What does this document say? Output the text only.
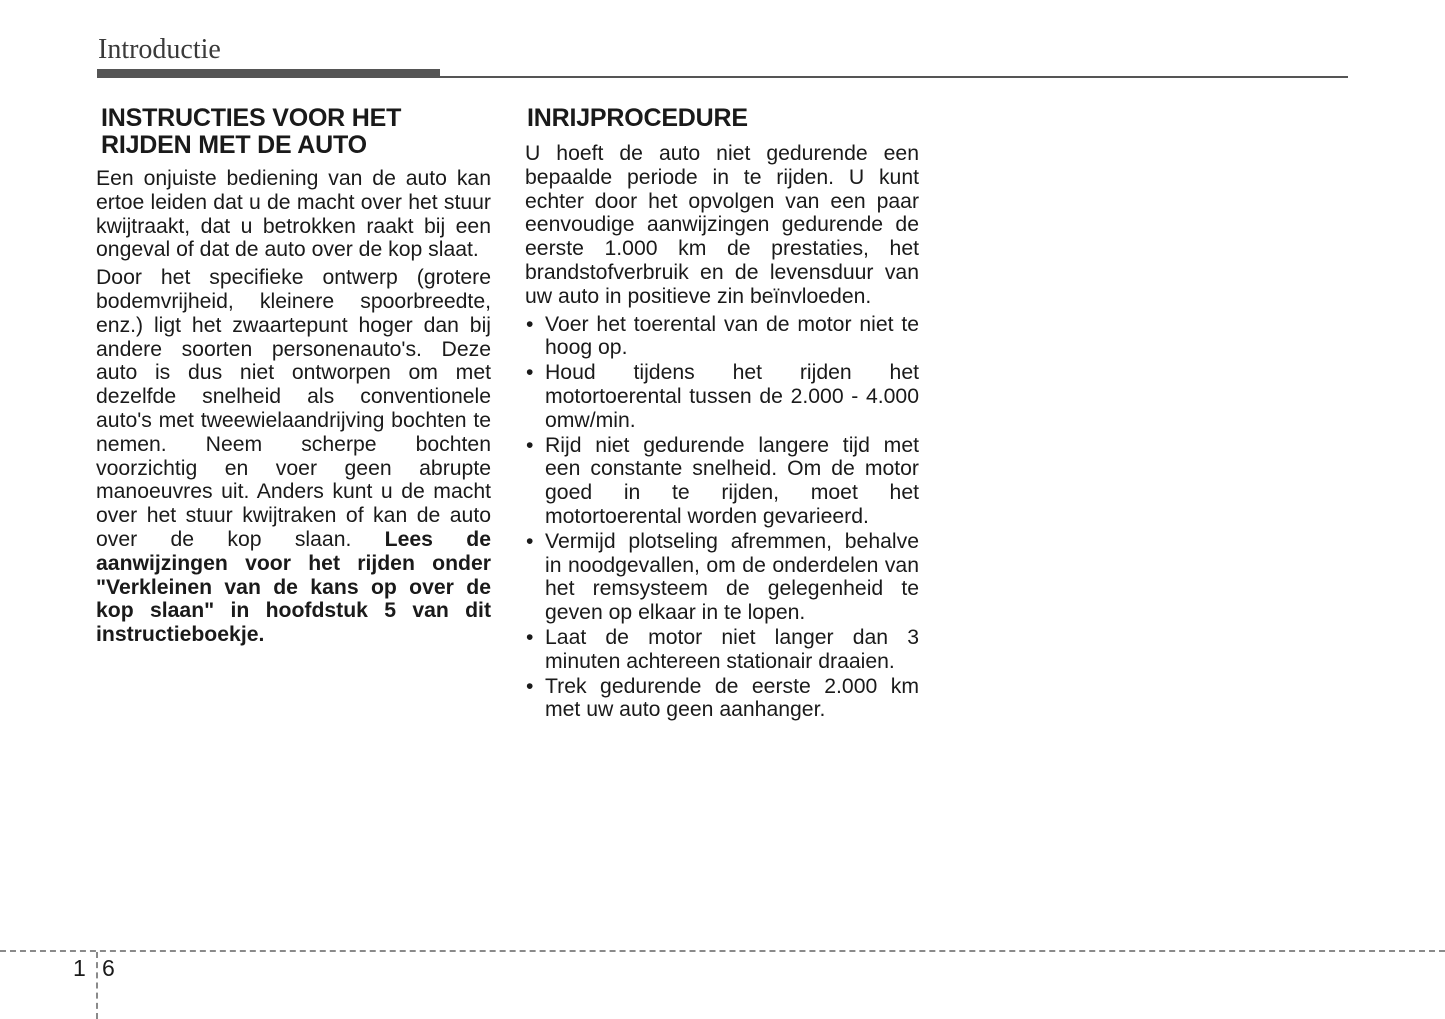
Introductie
INSTRUCTIES VOOR HET
RIJDEN MET DE AUTO

Een onjuiste bediening van de auto kan ertoe leiden dat u de macht over het stuur kwijtraakt, dat u betrokken raakt bij een ongeval of dat de auto over de kop slaat.

Door het specifieke ontwerp (grotere bodemvrijheid, kleinere spoorbreedte, enz.) ligt het zwaartepunt hoger dan bij andere soorten personenauto's. Deze auto is dus niet ontworpen om met dezelfde snelheid als conventionele auto's met tweewielaandrijving bochten te nemen. Neem scherpe bochten voorzichtig en voer geen abrupte manoeuvres uit. Anders kunt u de macht over het stuur kwijtraken of kan de auto over de kop slaan. Lees de aanwijzingen voor het rijden onder "Verkleinen van de kans op over de kop slaan" in hoofdstuk 5 van dit instructieboekje.

INRIJPROCEDURE

U hoeft de auto niet gedurende een bepaalde periode in te rijden. U kunt echter door het opvolgen van een paar eenvoudige aanwijzingen gedurende de eerste 1.000 km de prestaties, het brandstofverbruik en de levensduur van uw auto in positieve zin beïnvloeden.

• Voer het toerental van de motor niet te hoog op.
• Houd tijdens het rijden het motortoerental tussen de 2.000 - 4.000 omw/min.
• Rijd niet gedurende langere tijd met een constante snelheid. Om de motor goed in te rijden, moet het motortoerental worden gevarieerd.
• Vermijd plotseling afremmen, behalve in noodgevallen, om de onderdelen van het remsysteem de gelegenheid te geven op elkaar in te lopen.
• Laat de motor niet langer dan 3 minuten achtereen stationair draaien.
• Trek gedurende de eerste 2.000 km met uw auto geen aanhanger.
1 6
